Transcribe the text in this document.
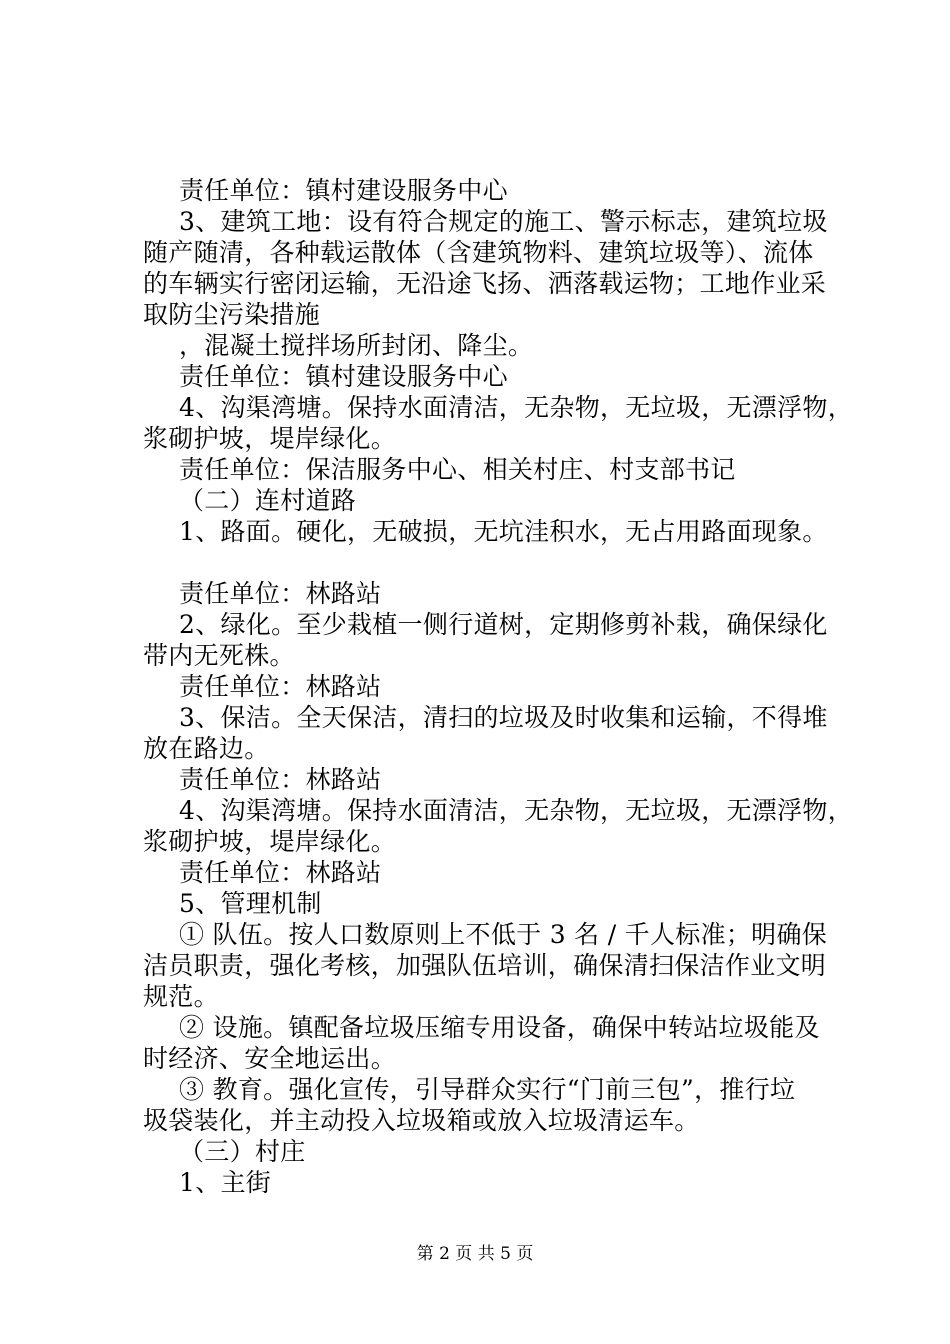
责任单位：镇村建设服务中心
3、建筑工地：设有符合规定的施工、警示标志，建筑垃圾
随产随清，各种载运散体（含建筑物料、建筑垃圾等）、流体
的车辆实行密闭运输，无沿途飞扬、洒落载运物；工地作业采
取防尘污染措施
，混凝土搅拌场所封闭、降尘。
责任单位：镇村建设服务中心
4、沟渠湾塘。保持水面清洁，无杂物，无垃圾，无漂浮物，
浆砌护坡，堤岸绿化。
责任单位：保洁服务中心、相关村庄、村支部书记
（二）连村道路
1、路面。硬化，无破损，无坑洼积水，无占用路面现象。
责任单位：林路站
2、绿化。至少栽植一侧行道树，定期修剪补栽，确保绿化
带内无死株。
责任单位：林路站
3、保洁。全天保洁，清扫的垃圾及时收集和运输，不得堆
放在路边。
责任单位：林路站
4、沟渠湾塘。保持水面清洁，无杂物，无垃圾，无漂浮物，
浆砌护坡，堤岸绿化。
责任单位：林路站
5、管理机制
① 队伍。按人口数原则上不低于 3 名 / 千人标准；明确保
洁员职责，强化考核，加强队伍培训，确保清扫保洁作业文明
规范。
② 设施。镇配备垃圾压缩专用设备，确保中转站垃圾能及
时经济、安全地运出。
③ 教育。强化宣传，引导群众实行“门前三包”，推行垃
圾袋装化，并主动投入垃圾箱或放入垃圾清运车。
（三）村庄
1、主街
第 2 页 共 5 页
